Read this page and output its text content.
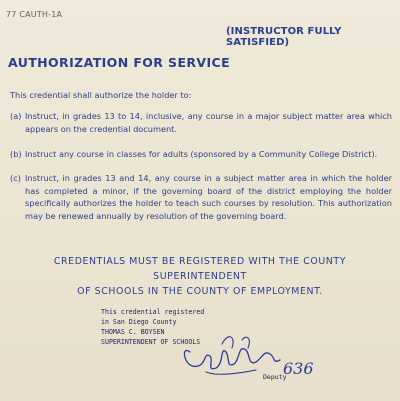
77 CAUTH-1A
(INSTRUCTOR FULLY SATISFIED)
AUTHORIZATION FOR SERVICE
This credential shall authorize the holder to:
(a) Instruct, in grades 13 to 14, inclusive, any course in a major subject matter area which appears on the credential document.
(b) Instruct any course in classes for adults (sponsored by a Community College District).
(c) Instruct, in grades 13 and 14, any course in a subject matter area in which the holder has completed a minor, if the governing board of the district employing the holder specifically authorizes the holder to teach such courses by resolution. This authorization may be renewed annually by resolution of the governing board.
CREDENTIALS MUST BE REGISTERED WITH THE COUNTY SUPERINTENDENT
OF SCHOOLS IN THE COUNTY OF EMPLOYMENT.
This credential registered
in San Diego County
THOMAS C. BOYSEN
SUPERINTENDENT OF SCHOOLS
636
Deputy
